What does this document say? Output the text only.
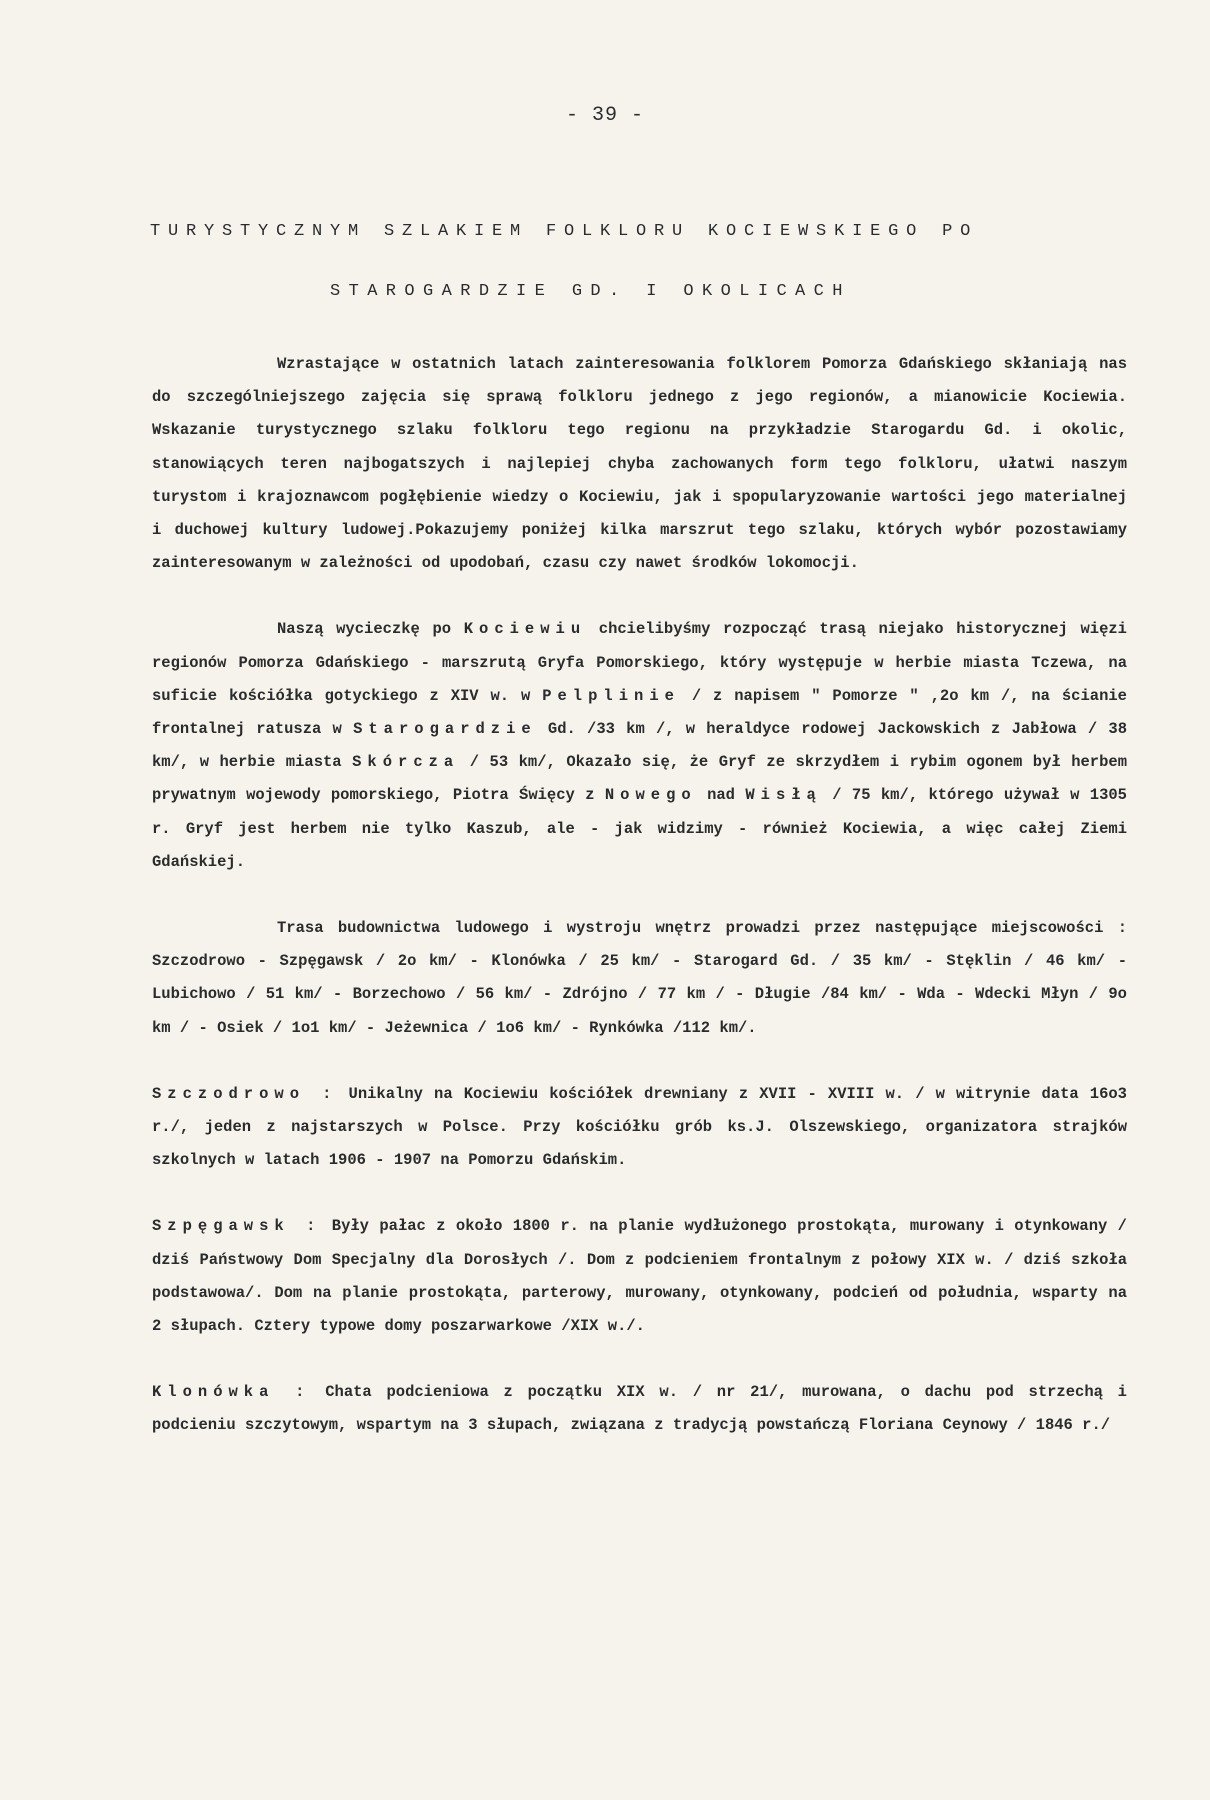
- 39 -
TURYSTYCZNYM SZLAKIEM FOLKLORU KOCIEWSKIEGO PO
STAROGARDZIE GD. I OKOLICACH

Wzrastające w ostatnich latach zainteresowania folklorem Pomorza Gdańskiego skłaniają nas do szczególniejszego zajęcia się sprawą folkloru jednego z jego regionów, a mianowicie Kociewia. Wskazanie turystycznego szlaku folkloru tego regionu na przykładzie Starogardu Gd. i okolic, stanowiących teren najbogatszych i najlepiej chyba zachowanych form tego folkloru, ułatwi naszym turystom i krajoznawcom pogłębienie wiedzy o Kociewiu, jak i spopularyzowanie wartości jego materialnej i duchowej kultury ludowej.Pokazujemy poniżej kilka marszrut tego szlaku, których wybór pozostawiamy zainteresowanym w zależności od upodobań, czasu czy nawet środków lokomocji.

Naszą wycieczkę po Kociewiu chcielibyśmy rozpocząć trasą niejako historycznej więzi regionów Pomorza Gdańskiego - marszrutą Gryfa Pomorskiego, który występuje w herbie miasta Tczewa, na suficie kościółka gotyckiego z XIV w. w Pelplinie / z napisem " Pomorze " ,2o km /, na ścianie frontalnej ratusza w Starogardzie Gd. /33 km /, w heraldyce rodowej Jackowskich z Jabłowa / 38 km/, w herbie miasta Skórcza / 53 km/, Okazało się, że Gryf ze skrzydłem i rybim ogonem był herbem prywatnym wojewody pomorskiego, Piotra Święcy z Nowego nad Wisłą / 75 km/, którego używał w 1305 r. Gryf jest herbem nie tylko Kaszub, ale - jak widzimy - również Kociewia, a więc całej Ziemi Gdańskiej.

Trasa budownictwa ludowego i wystroju wnętrz prowadzi przez następujące miejscowości : Szczodrowo - Szpęgawsk / 2o km/ - Klonówka / 25 km/ - Starogard Gd. / 35 km/ - Stęklin / 46 km/ - Lubichowo / 51 km/ - Borzechowo / 56 km/ - Zdrójno / 77 km / - Długie /84 km/ - Wda - Wdecki Młyn / 9o km / - Osiek / 1o1 km/ - Jeżewnica / 1o6 km/ - Rynkówka /112 km/.

Szczodrowo : Unikalny na Kociewiu kościółek drewniany z XVII - XVIII w. / w witrynie data 16o3 r./, jeden z najstarszych w Polsce. Przy kościółku grób ks.J. Olszewskiego, organizatora strajków szkolnych w latach 1906 - 1907 na Pomorzu Gdańskim.

Szpęgawsk : Były pałac z około 1800 r. na planie wydłużonego prostokąta, murowany i otynkowany / dziś Państwowy Dom Specjalny dla Dorosłych /. Dom z podcieniem frontalnym z połowy XIX w. / dziś szkoła podstawowa/. Dom na planie prostokąta, parterowy, murowany, otynkowany, podcień od południa, wsparty na 2 słupach. Cztery typowe domy poszarwarkowe /XIX w./.

Klonówka : Chata podcieniowa z początku XIX w. / nr 21/, murowana, o dachu pod strzechą i podcieniu szczytowym, wspartym na 3 słupach, związana z tradycją powstańczą Floriana Ceynowy / 1846 r./
